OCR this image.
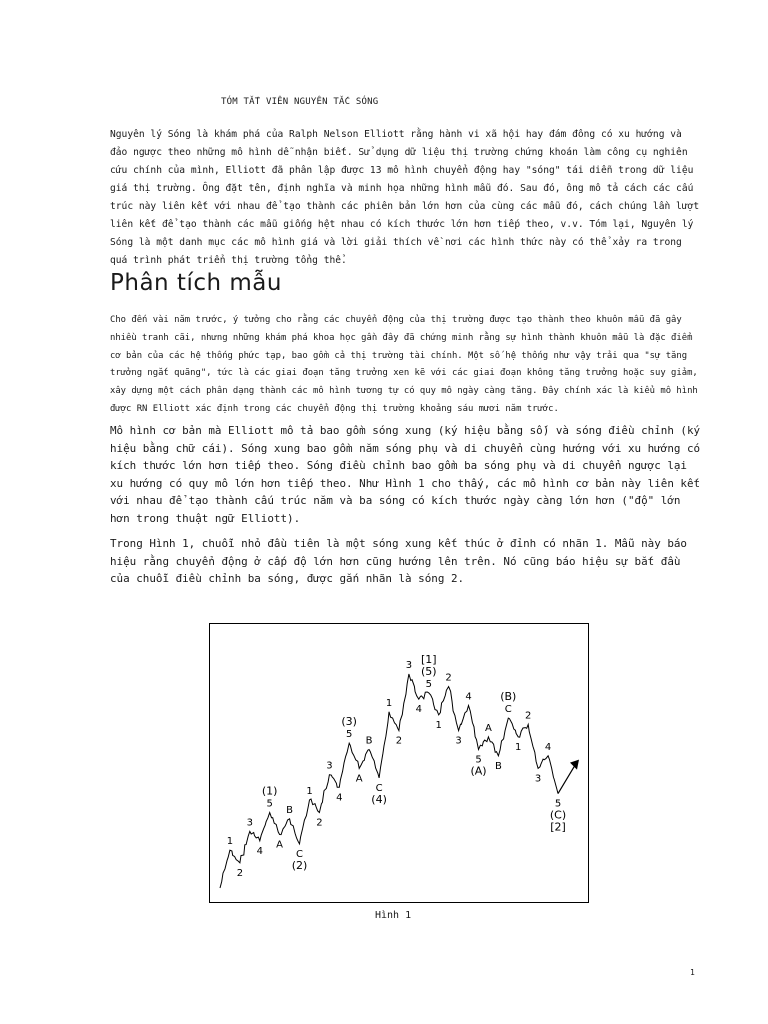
TÓM TẮT VIÊN NGUYÊN TẮC SÓNG

Nguyên lý Sóng là khám phá của Ralph Nelson Elliott rằng hành vi xã hội hay đám đông có xu hướng và đảo ngược theo những mô hình dễ nhận biết. Sử dụng dữ liệu thị trường chứng khoán làm công cụ nghiên cứu chính của mình, Elliott đã phân lập được 13 mô hình chuyển động hay "sóng" tái diễn trong dữ liệu giá thị trường. Ông đặt tên, định nghĩa và minh họa những hình mẫu đó. Sau đó, ông mô tả cách các cấu trúc này liên kết với nhau để tạo thành các phiên bản lớn hơn của cùng các mẫu đó, cách chúng lần lượt liên kết để tạo thành các mẫu giống hệt nhau có kích thước lớn hơn tiếp theo, v.v. Tóm lại, Nguyên lý Sóng là một danh mục các mô hình giá và lời giải thích về nơi các hình thức này có thể xảy ra trong quá trình phát triển thị trường tổng thể.

Phân tích mẫu

Cho đến vài năm trước, ý tưởng cho rằng các chuyển động của thị trường được tạo thành theo khuôn mẫu đã gây nhiều tranh cãi, nhưng những khám phá khoa học gần đây đã chứng minh rằng sự hình thành khuôn mẫu là đặc điểm cơ bản của các hệ thống phức tạp, bao gồm cả thị trường tài chính. Một số hệ thống như vậy trải qua "sự tăng trưởng ngắt quãng", tức là các giai đoạn tăng trưởng xen kẽ với các giai đoạn không tăng trưởng hoặc suy giảm, xây dựng một cách phân dạng thành các mô hình tương tự có quy mô ngày càng tăng. Đây chính xác là kiểu mô hình được RN Elliott xác định trong các chuyển động thị trường khoảng sáu mươi năm trước.

Mô hình cơ bản mà Elliott mô tả bao gồm sóng xung (ký hiệu bằng số) và sóng điều chỉnh (ký hiệu bằng chữ cái). Sóng xung bao gồm năm sóng phụ và di chuyển cùng hướng với xu hướng có kích thước lớn hơn tiếp theo. Sóng điều chỉnh bao gồm ba sóng phụ và di chuyển ngược lại xu hướng có quy mô lớn hơn tiếp theo. Như Hình 1 cho thấy, các mô hình cơ bản này liên kết với nhau để tạo thành cấu trúc năm và ba sóng có kích thước ngày càng lớn hơn ("độ" lớn hơn trong thuật ngữ Elliott).

Trong Hình 1, chuỗi nhỏ đầu tiên là một sóng xung kết thúc ở đỉnh có nhãn 1. Mẫu này báo hiệu rằng chuyển động ở cấp độ lớn hơn cũng hướng lên trên. Nó cũng báo hiệu sự bắt đầu của chuỗi điều chỉnh ba sóng, được gắn nhãn là sóng 2.

1
2
3
4
5
(1)
A
B
C
(2)
1
2
3
4
5
(3)
A
B
C
(4)
1
2
3
4
5
(5)
[1]
1
2
3
4
5
(A)
A
B
C
(B)
1
2
3
4
5
(C)
[2]
Hình 1
1
